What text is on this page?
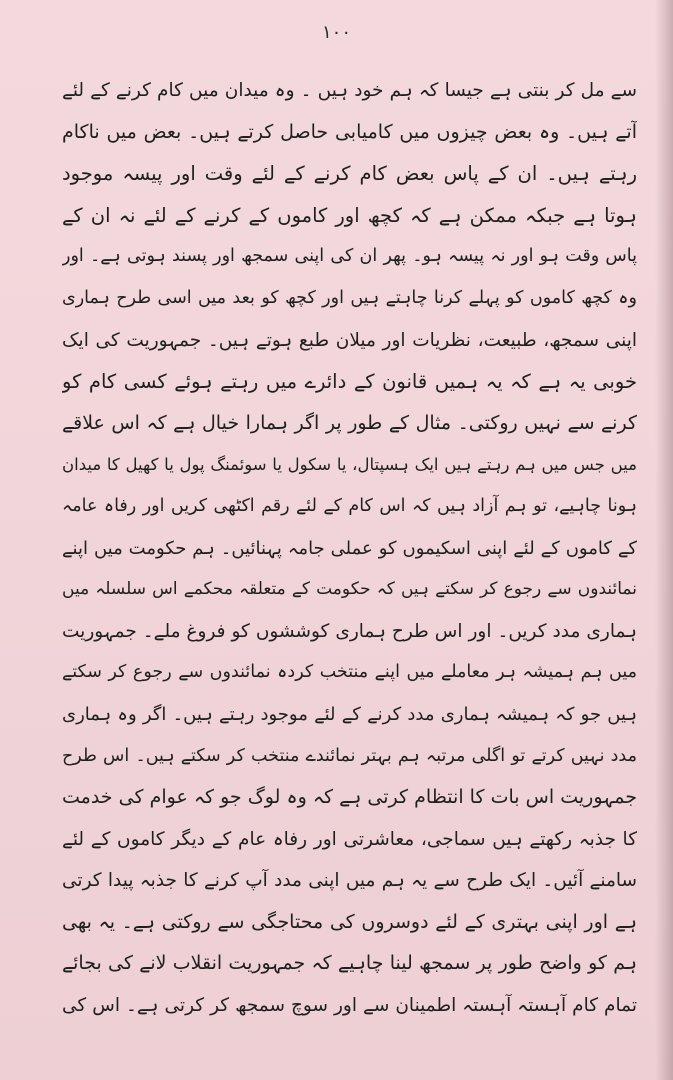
۱۰۰
سے مل کر بنتی ہے جیسا کہ ہم خود ہیں ۔ وہ میدان میں کام کرنے کے لئے
آتے ہیں۔ وہ بعض چیزوں میں کامیابی حاصل کرتے ہیں۔ بعض میں ناکام
رہتے ہیں۔ ان کے پاس بعض کام کرنے کے لئے وقت اور پیسہ موجود
ہوتا ہے جبکہ ممکن ہے کہ کچھ اور کاموں کے کرنے کے لئے نہ ان کے
پاس وقت ہو اور نہ پیسہ ہو۔ پھر ان کی اپنی سمجھ اور پسند ہوتی ہے۔ اور
وہ کچھ کاموں کو پہلے کرنا چاہتے ہیں اور کچھ کو بعد میں اسی طرح ہماری
اپنی سمجھ، طبیعت، نظریات اور میلان طبع ہوتے ہیں۔ جمہوریت کی ایک
خوبی یہ ہے کہ یہ ہمیں قانون کے دائرے میں رہتے ہوئے کسی کام کو
کرنے سے نہیں روکتی۔ مثال کے طور پر اگر ہمارا خیال ہے کہ اس علاقے
میں جس میں ہم رہتے ہیں ایک ہسپتال، یا سکول یا سوئمنگ پول یا کھیل کا میدان
ہونا چاہیے، تو ہم آزاد ہیں کہ اس کام کے لئے رقم اکٹھی کریں اور رفاہ عامہ
کے کاموں کے لئے اپنی اسکیموں کو عملی جامہ پہنائیں۔ ہم حکومت میں اپنے
نمائندوں سے رجوع کر سکتے ہیں کہ حکومت کے متعلقہ محکمے اس سلسلہ میں
ہماری مدد کریں۔ اور اس طرح ہماری کوششوں کو فروغ ملے۔ جمہوریت
میں ہم ہمیشہ ہر معاملے میں اپنے منتخب کردہ نمائندوں سے رجوع کر سکتے
ہیں جو کہ ہمیشہ ہماری مدد کرنے کے لئے موجود رہتے ہیں۔ اگر وہ ہماری
مدد نہیں کرتے تو اگلی مرتبہ ہم بہتر نمائندے منتخب کر سکتے ہیں۔ اس طرح
جمہوریت اس بات کا انتظام کرتی ہے کہ وہ لوگ جو کہ عوام کی خدمت
کا جذبہ رکھتے ہیں سماجی، معاشرتی اور رفاہ عام کے دیگر کاموں کے لئے
سامنے آئیں۔ ایک طرح سے یہ ہم میں اپنی مدد آپ کرنے کا جذبہ پیدا کرتی
ہے اور اپنی بہتری کے لئے دوسروں کی محتاجگی سے روکتی ہے۔ یہ بھی
ہم کو واضح طور پر سمجھ لینا چاہیے کہ جمہوریت انقلاب لانے کی بجائے
تمام کام آہستہ آہستہ اطمینان سے اور سوچ سمجھ کر کرتی ہے۔ اس کی
